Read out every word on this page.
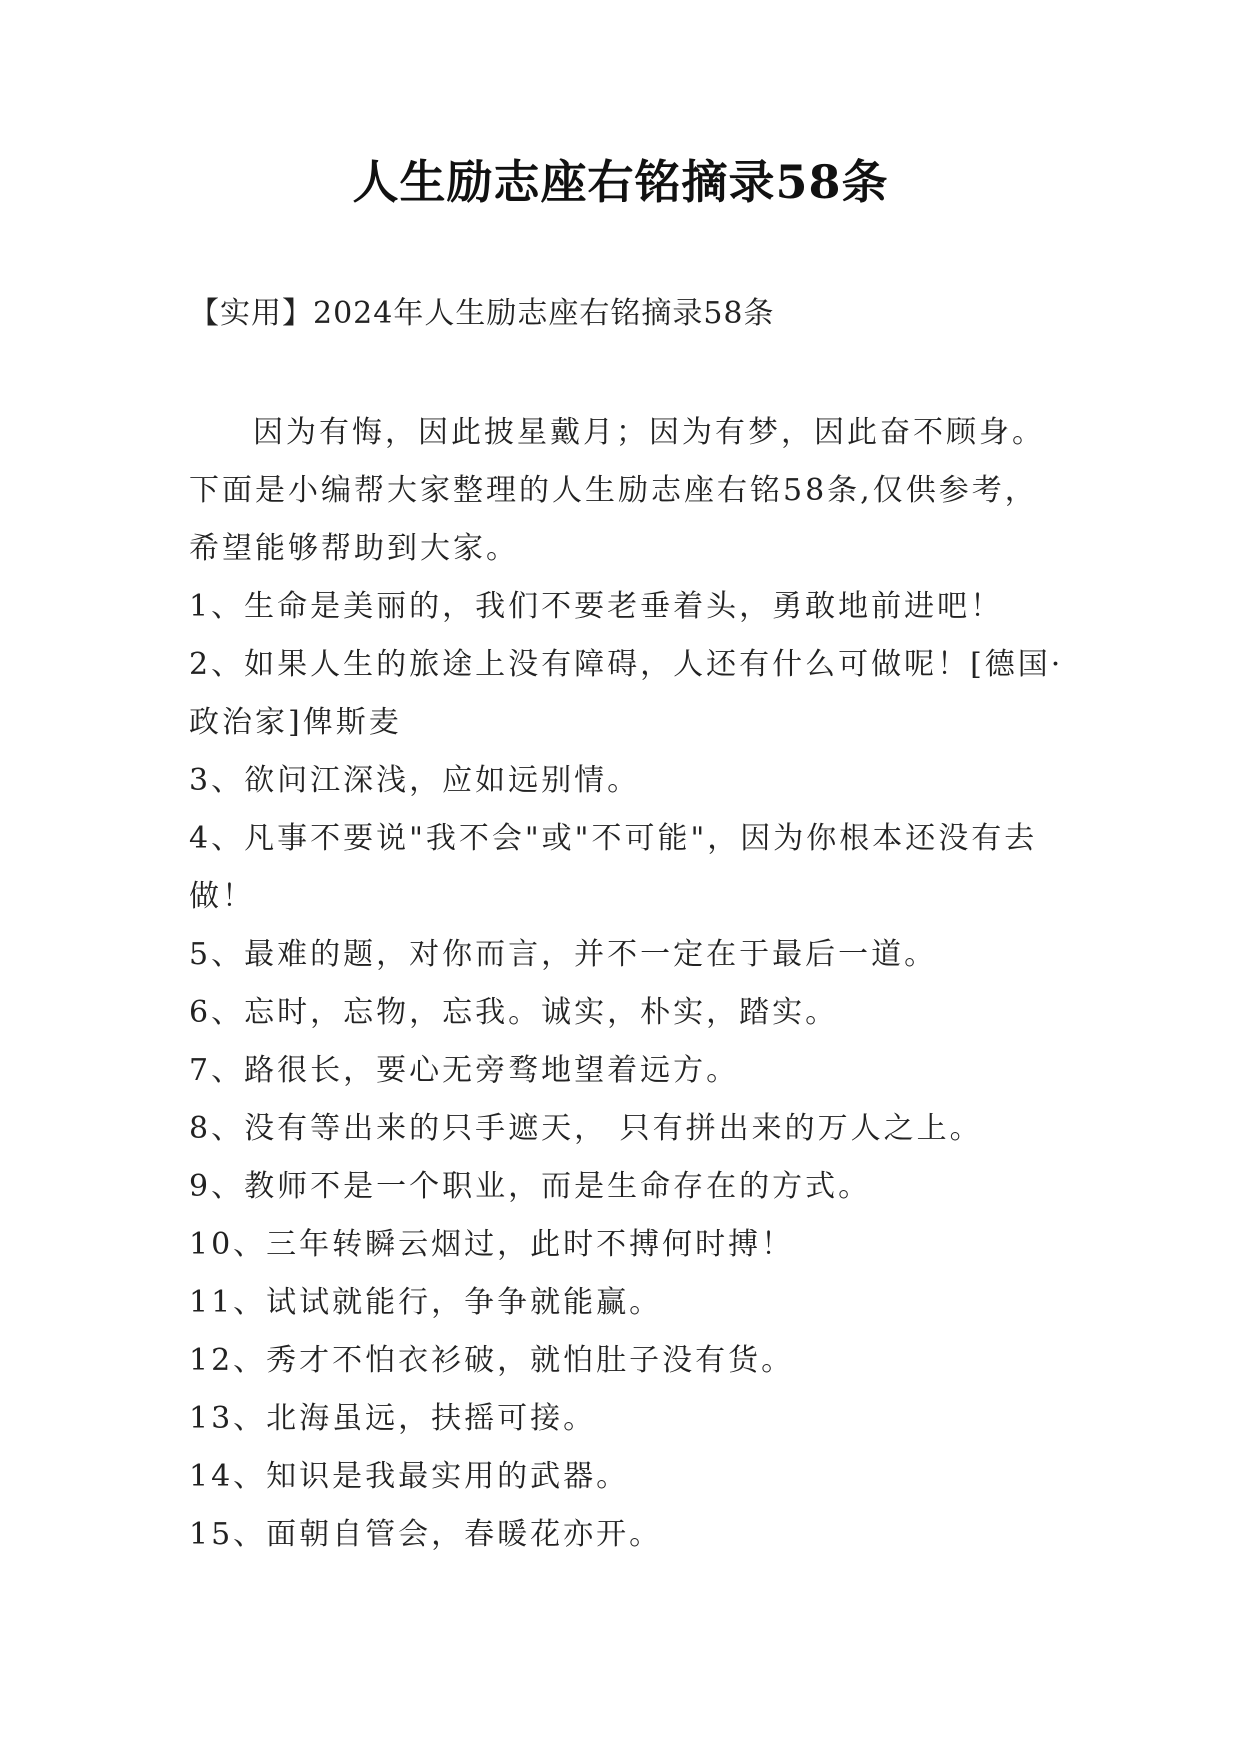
人生励志座右铭摘录58条
【实用】2024年人生励志座右铭摘录58条

因为有悔，因此披星戴月；因为有梦，因此奋不顾身。下面是小编帮大家整理的人生励志座右铭58条,仅供参考，希望能够帮助到大家。

1、生命是美丽的，我们不要老垂着头，勇敢地前进吧！
2、如果人生的旅途上没有障碍，人还有什么可做呢！[德国·政治家]俾斯麦
3、欲问江深浅，应如远别情。
4、凡事不要说"我不会"或"不可能"，因为你根本还没有去做！
5、最难的题，对你而言，并不一定在于最后一道。
6、忘时，忘物，忘我。诚实，朴实，踏实。
7、路很长，要心无旁骛地望着远方。
8、没有等出来的只手遮天， 只有拼出来的万人之上。
9、教师不是一个职业，而是生命存在的方式。
10、三年转瞬云烟过，此时不搏何时搏！
11、试试就能行，争争就能赢。
12、秀才不怕衣衫破，就怕肚子没有货。
13、北海虽远，扶摇可接。
14、知识是我最实用的武器。
15、面朝自管会，春暖花亦开。
